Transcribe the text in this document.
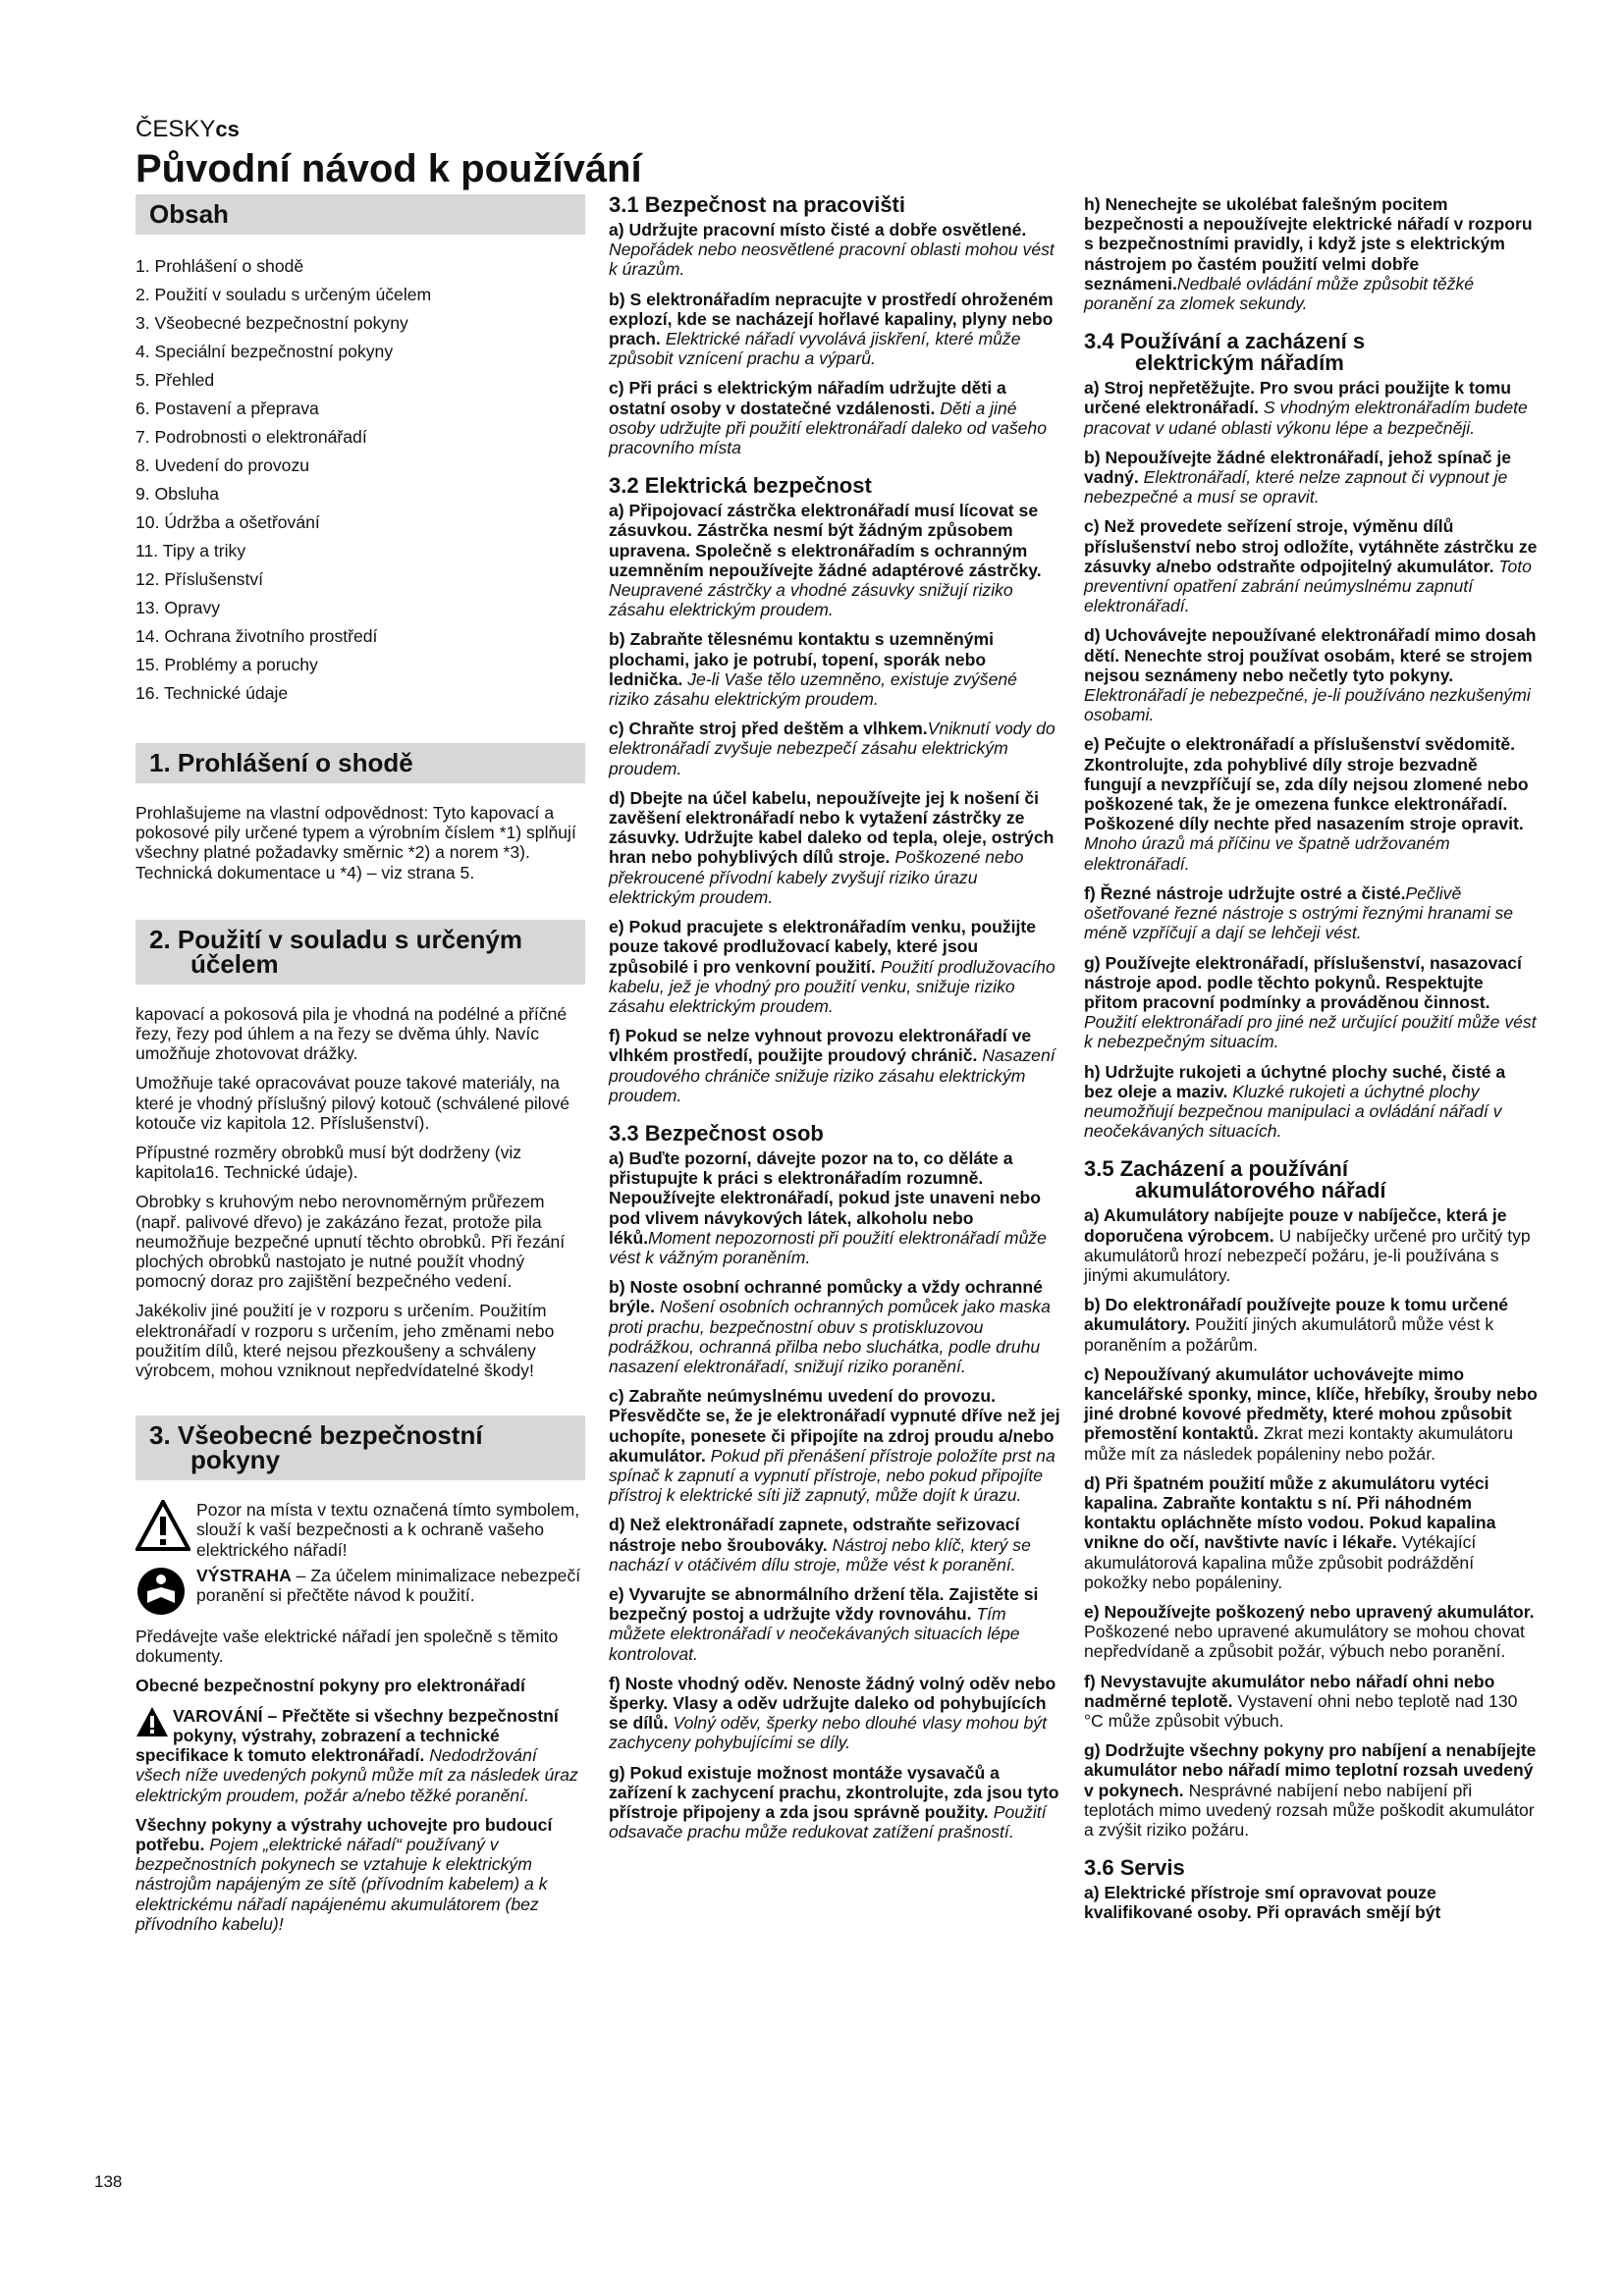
ČESKYcs
Původní návod k používání
Obsah
1. Prohlášení o shodě
2. Použití v souladu s určeným účelem
3. Všeobecné bezpečnostní pokyny
4. Speciální bezpečnostní pokyny
5. Přehled
6. Postavení a přeprava
7. Podrobnosti o elektronářadí
8. Uvedení do provozu
9. Obsluha
10. Údržba a ošetřování
11. Tipy a triky
12. Příslušenství
13. Opravy
14. Ochrana životního prostředí
15. Problémy a poruchy
16. Technické údaje
1. Prohlášení o shodě

Prohlašujeme na vlastní odpovědnost: Tyto kapovací a pokosové pily určené typem a výrobním číslem *1) splňují všechny platné požadavky směrnic *2) a norem *3). Technická dokumentace u *4) – viz strana 5.

2. Použití v souladu s určeným
účelem

kapovací a pokosová pila je vhodná na podélné a příčné řezy, řezy pod úhlem a na řezy se dvěma úhly. Navíc umožňuje zhotovovat drážky.

Umožňuje také opracovávat pouze takové materiály, na které je vhodný příslušný pilový kotouč (schválené pilové kotouče viz kapitola 12. Příslušenství).

Přípustné rozměry obrobků musí být dodrženy (viz kapitola16. Technické údaje).

Obrobky s kruhovým nebo nerovnoměrným průřezem (např. palivové dřevo) je zakázáno řezat, protože pila neumožňuje bezpečné upnutí těchto obrobků. Při řezání plochých obrobků nastojato je nutné použít vhodný pomocný doraz pro zajištění bezpečného vedení.

Jakékoliv jiné použití je v rozporu s určením. Použitím elektronářadí v rozporu s určením, jeho změnami nebo použitím dílů, které nejsou přezkoušeny a schváleny výrobcem, mohou vzniknout nepředvídatelné škody!

3. Všeobecné bezpečnostní
pokyny
Pozor na místa v textu označená tímto symbolem, slouží k vaší bezpečnosti a k ochraně vašeho elektrického nářadí!
VÝSTRAHA – Za účelem minimalizace nebezpečí poranění si přečtěte návod k použití.

Předávejte vaše elektrické nářadí jen společně s těmito dokumenty.

Obecné bezpečnostní pokyny pro elektronářadí

VAROVÁNÍ – Přečtěte si všechny bezpečnostní pokyny, výstrahy, zobrazení a technické specifikace k tomuto elektronářadí. Nedodržování všech níže uvedených pokynů může mít za následek úraz elektrickým proudem, požár a/nebo těžké poranění.

Všechny pokyny a výstrahy uchovejte pro budoucí potřebu. Pojem „elektrické nářadí“ používaný v bezpečnostních pokynech se vztahuje k elektrickým nástrojům napájeným ze sítě (přívodním kabelem) a k elektrickému nářadí napájenému akumulátorem (bez přívodního kabelu)!

3.1 Bezpečnost na pracovišti

a) Udržujte pracovní místo čisté a dobře osvětlené. Nepořádek nebo neosvětlené pracovní oblasti mohou vést k úrazům.

b) S elektronářadím nepracujte v prostředí ohroženém explozí, kde se nacházejí hořlavé kapaliny, plyny nebo prach. Elektrické nářadí vyvolává jiskření, které může způsobit vznícení prachu a výparů.

c) Při práci s elektrickým nářadím udržujte děti a ostatní osoby v dostatečné vzdálenosti. Děti a jiné osoby udržujte při použití elektronářadí daleko od vašeho pracovního místa

3.2 Elektrická bezpečnost

a) Připojovací zástrčka elektronářadí musí lícovat se zásuvkou. Zástrčka nesmí být žádným způsobem upravena. Společně s elektronářadím s ochranným uzemněním nepoužívejte žádné adaptérové zástrčky. Neupravené zástrčky a vhodné zásuvky snižují riziko zásahu elektrickým proudem.

b) Zabraňte tělesnému kontaktu s uzemněnými plochami, jako je potrubí, topení, sporák nebo lednička. Je-li Vaše tělo uzemněno, existuje zvýšené riziko zásahu elektrickým proudem.

c) Chraňte stroj před deštěm a vlhkem.Vniknutí vody do elektronářadí zvyšuje nebezpečí zásahu elektrickým proudem.

d) Dbejte na účel kabelu, nepoužívejte jej k nošení či zavěšení elektronářadí nebo k vytažení zástrčky ze zásuvky. Udržujte kabel daleko od tepla, oleje, ostrých hran nebo pohyblivých dílů stroje. Poškozené nebo překroucené přívodní kabely zvyšují riziko úrazu elektrickým proudem.

e) Pokud pracujete s elektronářadím venku, použijte pouze takové prodlužovací kabely, které jsou způsobilé i pro venkovní použití. Použití prodlužovacího kabelu, jež je vhodný pro použití venku, snižuje riziko zásahu elektrickým proudem.

f) Pokud se nelze vyhnout provozu elektronářadí ve vlhkém prostředí, použijte proudový chránič. Nasazení proudového chrániče snižuje riziko zásahu elektrickým proudem.

3.3 Bezpečnost osob

a) Buďte pozorní, dávejte pozor na to, co děláte a přistupujte k práci s elektronářadím rozumně. Nepoužívejte elektronářadí, pokud jste unaveni nebo pod vlivem návykových látek, alkoholu nebo léků.Moment nepozornosti při použití elektronářadí může vést k vážným poraněním.

b) Noste osobní ochranné pomůcky a vždy ochranné brýle. Nošení osobních ochranných pomůcek jako maska proti prachu, bezpečnostní obuv s protiskluzovou podrážkou, ochranná přilba nebo sluchátka, podle druhu nasazení elektronářadí, snižují riziko poranění.

c) Zabraňte neúmyslnému uvedení do provozu. Přesvědčte se, že je elektronářadí vypnuté dříve než jej uchopíte, ponesete či připojíte na zdroj proudu a/nebo akumulátor. Pokud při přenášení přístroje položíte prst na spínač k zapnutí a vypnutí přístroje, nebo pokud připojíte přístroj k elektrické síti již zapnutý, může dojít k úrazu.

d) Než elektronářadí zapnete, odstraňte seřizovací nástroje nebo šroubováky. Nástroj nebo klíč, který se nachází v otáčivém dílu stroje, může vést k poranění.

e) Vyvarujte se abnormálního držení těla. Zajistěte si bezpečný postoj a udržujte vždy rovnováhu. Tím můžete elektronářadí v neočekávaných situacích lépe kontrolovat.

f) Noste vhodný oděv. Nenoste žádný volný oděv nebo šperky. Vlasy a oděv udržujte daleko od pohybujících se dílů. Volný oděv, šperky nebo dlouhé vlasy mohou být zachyceny pohybujícími se díly.

g) Pokud existuje možnost montáže vysavačů a zařízení k zachycení prachu, zkontrolujte, zda jsou tyto přístroje připojeny a zda jsou správně použity. Použití odsavače prachu může redukovat zatížení prašností.

h) Nenechejte se ukolébat falešným pocitem bezpečnosti a nepoužívejte elektrické nářadí v rozporu s bezpečnostními pravidly, i když jste s elektrickým nástrojem po častém použití velmi dobře seznámeni.Nedbalé ovládání může způsobit těžké poranění za zlomek sekundy.

3.4 Používání a zacházení s
elektrickým nářadím

a) Stroj nepřetěžujte. Pro svou práci použijte k tomu určené elektronářadí. S vhodným elektronářadím budete pracovat v udané oblasti výkonu lépe a bezpečněji.

b) Nepoužívejte žádné elektronářadí, jehož spínač je vadný. Elektronářadí, které nelze zapnout či vypnout je nebezpečné a musí se opravit.

c) Než provedete seřízení stroje, výměnu dílů příslušenství nebo stroj odložíte, vytáhněte zástrčku ze zásuvky a/nebo odstraňte odpojitelný akumulátor. Toto preventivní opatření zabrání neúmyslnému zapnutí elektronářadí.

d) Uchovávejte nepoužívané elektronářadí mimo dosah dětí. Nenechte stroj používat osobám, které se strojem nejsou seznámeny nebo nečetly tyto pokyny. Elektronářadí je nebezpečné, je-li používáno nezkušenými osobami.

e) Pečujte o elektronářadí a příslušenství svědomitě. Zkontrolujte, zda pohyblivé díly stroje bezvadně fungují a nevzpříčují se, zda díly nejsou zlomené nebo poškozené tak, že je omezena funkce elektronářadí. Poškozené díly nechte před nasazením stroje opravit. Mnoho úrazů má příčinu ve špatně udržovaném elektronářadí.

f) Řezné nástroje udržujte ostré a čisté.Pečlivě ošetřované řezné nástroje s ostrými řeznými hranami se méně vzpříčují a dají se lehčeji vést.

g) Používejte elektronářadí, příslušenství, nasazovací nástroje apod. podle těchto pokynů. Respektujte přitom pracovní podmínky a prováděnou činnost. Použití elektronářadí pro jiné než určující použití může vést k nebezpečným situacím.

h) Udržujte rukojeti a úchytné plochy suché, čisté a bez oleje a maziv. Kluzké rukojeti a úchytné plochy neumožňují bezpečnou manipulaci a ovládání nářadí v neočekávaných situacích.

3.5 Zacházení a používání
akumulátorového nářadí

a) Akumulátory nabíjejte pouze v nabíječce, která je doporučena výrobcem. U nabíječky určené pro určitý typ akumulátorů hrozí nebezpečí požáru, je-li používána s jinými akumulátory.

b) Do elektronářadí používejte pouze k tomu určené akumulátory. Použití jiných akumulátorů může vést k poraněním a požárům.

c) Nepoužívaný akumulátor uchovávejte mimo kancelářské sponky, mince, klíče, hřebíky, šrouby nebo jiné drobné kovové předměty, které mohou způsobit přemostění kontaktů. Zkrat mezi kontakty akumulátoru může mít za následek popáleniny nebo požár.

d) Při špatném použití může z akumulátoru vytéci kapalina. Zabraňte kontaktu s ní. Při náhodném kontaktu opláchněte místo vodou. Pokud kapalina vnikne do očí, navštivte navíc i lékaře. Vytékající akumulátorová kapalina může způsobit podráždění pokožky nebo popáleniny.

e) Nepoužívejte poškozený nebo upravený akumulátor. Poškozené nebo upravené akumulátory se mohou chovat nepředvídaně a způsobit požár, výbuch nebo poranění.

f) Nevystavujte akumulátor nebo nářadí ohni nebo nadměrné teplotě. Vystavení ohni nebo teplotě nad 130 °C může způsobit výbuch.

g) Dodržujte všechny pokyny pro nabíjení a nenabíjejte akumulátor nebo nářadí mimo teplotní rozsah uvedený v pokynech. Nesprávné nabíjení nebo nabíjení při teplotách mimo uvedený rozsah může poškodit akumulátor a zvýšit riziko požáru.

3.6 Servis

a) Elektrické přístroje smí opravovat pouze kvalifikované osoby. Při opravách smějí být

138
